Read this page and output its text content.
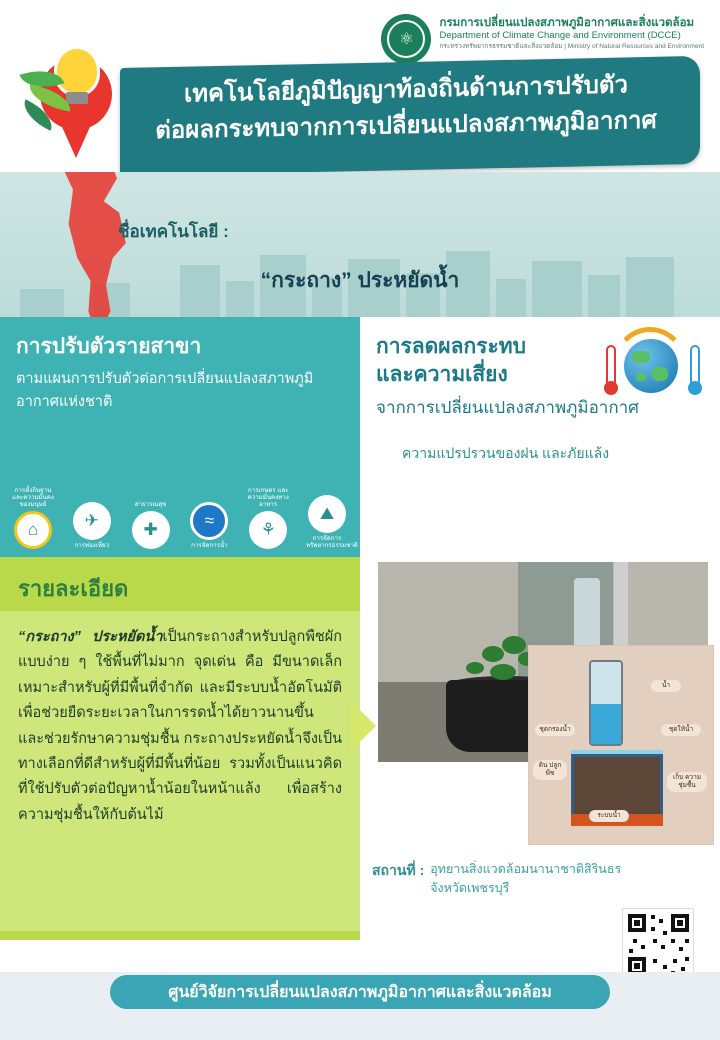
⚛
กรมการเปลี่ยนแปลงสภาพภูมิอากาศและสิ่งแวดล้อม
Department of Climate Change and Environment (DCCE)
กระทรวงทรัพยากรธรรมชาติและสิ่งแวดล้อม | Ministry of Natural Resources and Environment
เทคโนโลยีภูมิปัญญาท้องถิ่นด้านการปรับตัว
ต่อผลกระทบจากการเปลี่ยนแปลงสภาพภูมิอากาศ
ชื่อเทคโนโลยี :
“กระถาง” ประหยัดน้ำ
การปรับตัวรายสาขา

ตามแผนการปรับตัวต่อการเปลี่ยนแปลงสภาพภูมิอากาศแห่งชาติ

การตั้งถิ่นฐาน และความมั่นคงของมนุษย์
⌂	✈
การท่องเที่ยว
สาธารณสุข
✚	≈
การจัดการน้ำ
การเกษตร และความมั่นคงทางอาหาร
⚘
⛰
การจัดการ ทรัพยากรธรรมชาติ
การลดผลกระทบ
และความเสี่ยง
จากการเปลี่ยนแปลงสภาพภูมิอากาศ
ความแปรปรวนของฝน และภัยแล้ง
รายละเอียด
“กระถาง” ประหยัดน้ำเป็นกระถางสำหรับปลูกพืชผักแบบง่าย ๆ ใช้พื้นที่ไม่มาก จุดเด่น คือ มีขนาดเล็ก เหมาะสำหรับผู้ที่มีพื้นที่จำกัด และมีระบบน้ำอัตโนมัติ เพื่อช่วยยืดระยะเวลาในการรดน้ำได้ยาวนานขึ้น และช่วยรักษาความชุ่มชื้น กระถางประหยัดน้ำจึงเป็นทางเลือกที่ดีสำหรับผู้ที่มีพื้นที่น้อย รวมทั้งเป็นแนวคิดที่ใช้ปรับตัวต่อปัญหาน้ำน้อยในหน้าแล้ง เพื่อสร้างความชุ่มชื้นให้กับต้นไม้
น้ำ
ชุดกรองน้ำ	ชุดให้น้ำ
ดิน ปลูกพืช
เก็บ ความชุ่มชื้น
ระบบน้ำ
สถานที่ : อุทยานสิ่งแวดล้อมนานาชาติสิรินธร
จังหวัดเพชรบุรี
ศูนย์วิจัยการเปลี่ยนแปลงสภาพภูมิอากาศและสิ่งแวดล้อม
